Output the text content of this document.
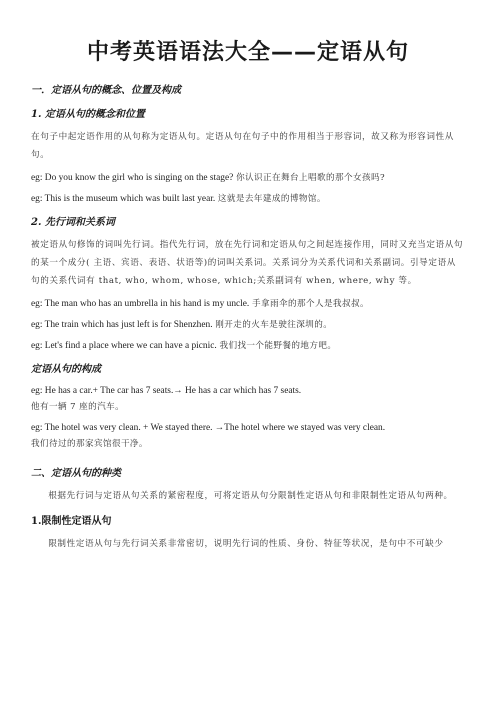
中考英语语法大全——定语从句
一．定语从句的概念、位置及构成
1. 定语从句的概念和位置

在句子中起定语作用的从句称为定语从句。定语从句在句子中的作用相当于形容词，故又称为形容词性从句。

eg: Do you know the girl who is singing on the stage? 你认识正在舞台上唱歌的那个女孩吗?

eg: This is the museum which was built last year. 这就是去年建成的博物馆。

2. 先行词和关系词

被定语从句修饰的词叫先行词。指代先行词，放在先行词和定语从句之间起连接作用，同时又充当定语从句的某一个成分( 主语、宾语、表语、状语等)的词叫关系词。关系词分为关系代词和关系副词。引导定语从句的关系代词有 that, who, whom, whose, which;关系副词有 when, where, why 等。

eg: The man who has an umbrella in his hand is my uncle. 手拿雨伞的那个人是我叔叔。

eg: The train which has just left is for Shenzhen. 刚开走的火车是驶往深圳的。

eg: Let's find a place where we can have a picnic. 我们找一个能野餐的地方吧。

定语从句的构成

eg: He has a car.+ The car has 7 seats.→ He has a car which has 7 seats.

他有一辆 7 座的汽车。

eg: The hotel was very clean. + We stayed there. →The hotel where we stayed was very clean.

我们待过的那家宾馆很干净。

二、定语从句的种类

根据先行词与定语从句关系的紧密程度，可将定语从句分限制性定语从句和非限制性定语从句两种。

1.限制性定语从句

限制性定语从句与先行词关系非常密切，说明先行词的性质、身份、特征等状况，是句中不可缺少
